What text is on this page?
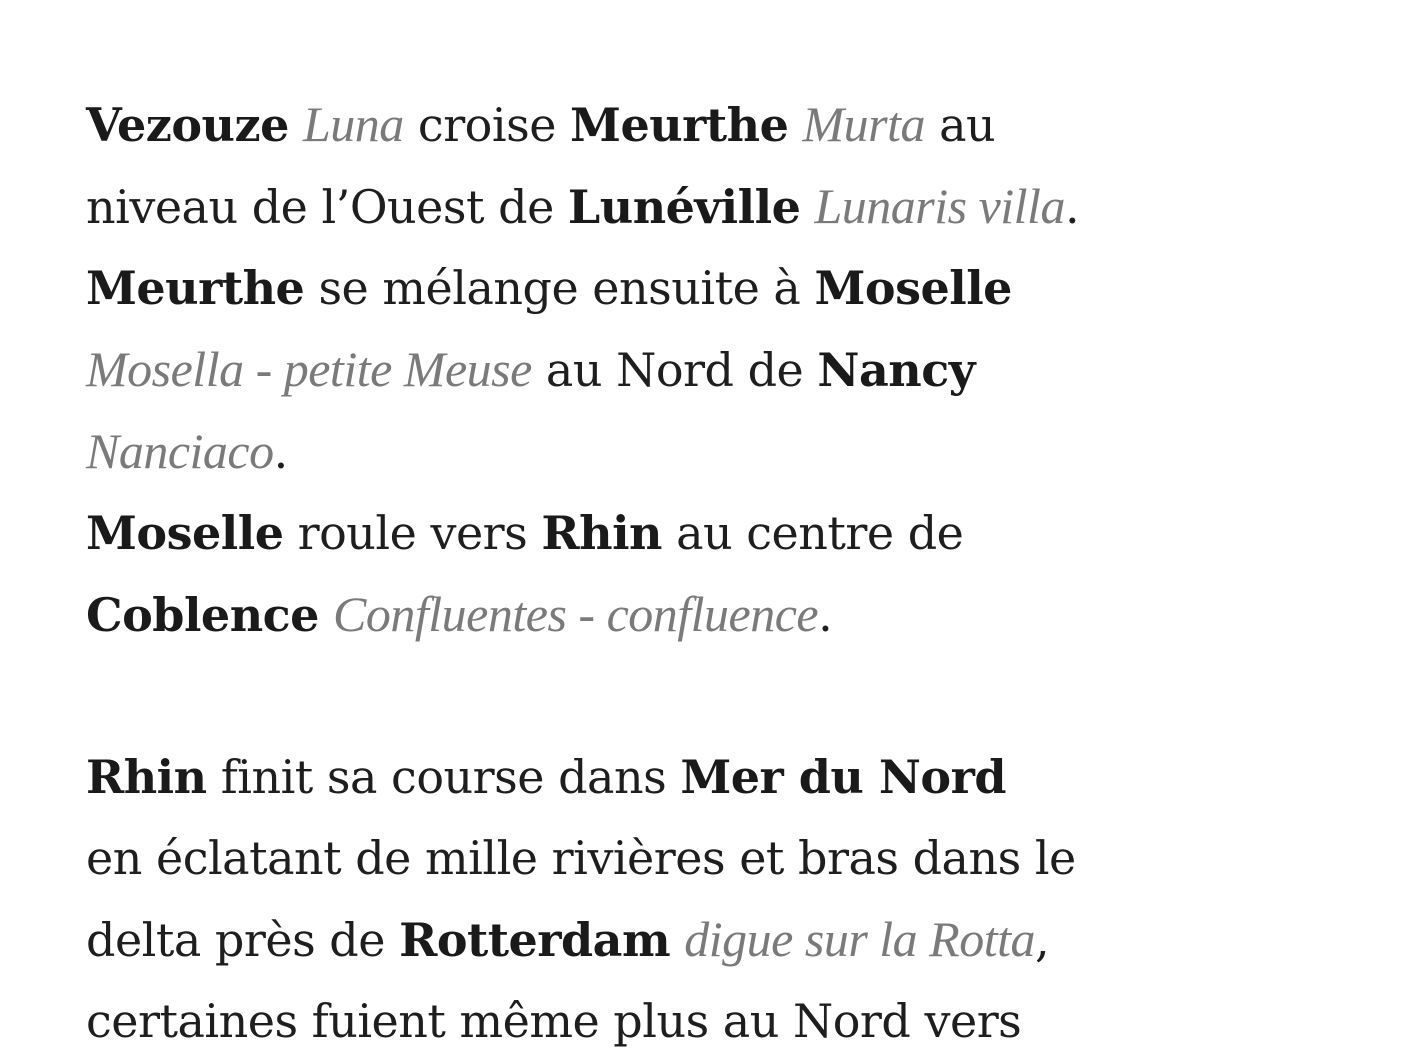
Vezouze Luna croise Meurthe Murta au
niveau de l’Ouest de Lunéville Lunaris villa.
Meurthe se mélange ensuite à Moselle
Mosella - petite Meuse au Nord de Nancy
Nanciaco.
Moselle roule vers Rhin au centre de
Coblence Confluentes - confluence.
Rhin finit sa course dans Mer du Nord
en éclatant de mille rivières et bras dans le
delta près de Rotterdam digue sur la Rotta,
certaines fuient même plus au Nord vers
